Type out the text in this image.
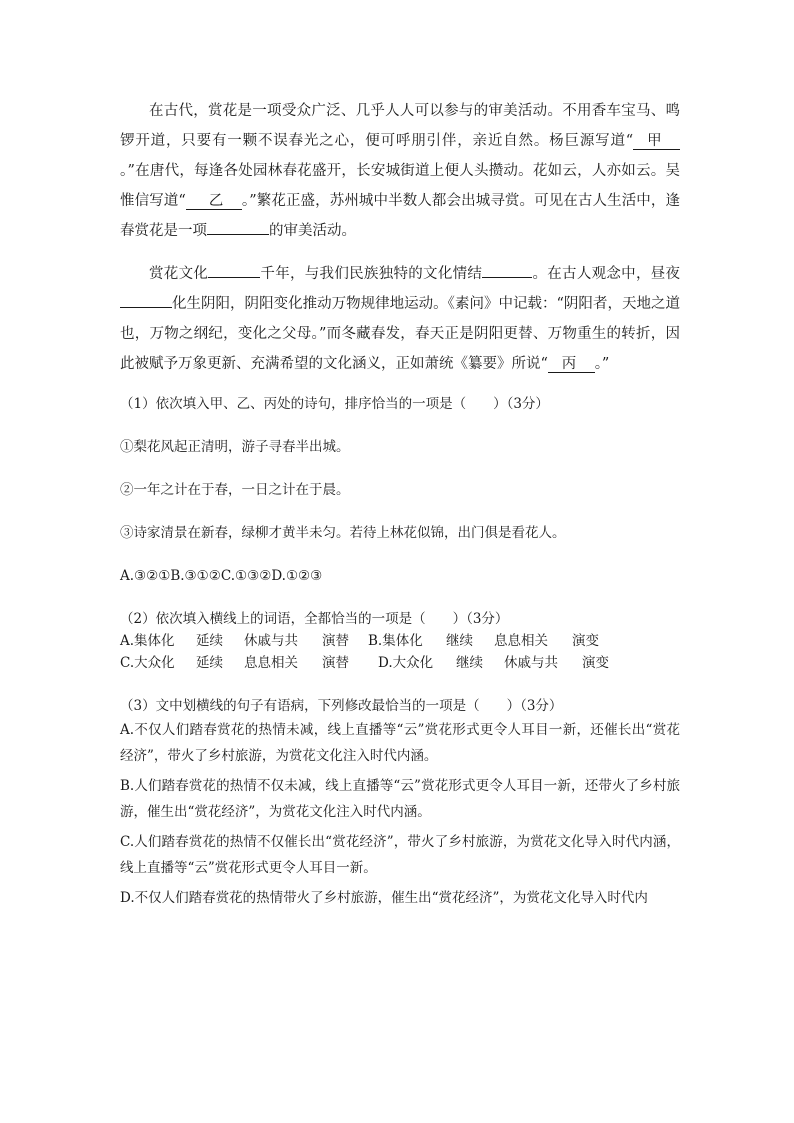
在古代，赏花是一项受众广泛、几乎人人可以参与的审美活动。不用香车宝马、鸣锣开道，只要有一颗不误春光之心，便可呼朋引伴，亲近自然。杨巨源写道“ 甲    。”在唐代，每逢各处园林春花盛开，长安城街道上便人头攒动。花如云，人亦如云。吴惟信写道“ 乙 。”繁花正盛，苏州城中半数人都会出城寻赏。可见在古人生活中，逢春赏花是一项	的审美活动。

赏花文化	千年，与我们民族独特的文化情结	。在古人观念中，昼夜化生阴阳，阴阳变化推动万物规律地运动。《素问》中记载：“阴阳者，天地之道也，万物之纲纪，变化之父母。”而冬藏春发，春天正是阴阳更替、万物重生的转折，因此被赋予万象更新、充满希望的文化涵义，正如萧统《纂要》所说“ 丙 。”

（1）依次填入甲、乙、丙处的诗句，排序恰当的一项是（　　）（3分）

①梨花风起正清明，游子寻春半出城。

②一年之计在于春，一日之计在于晨。

③诗家清景在新春，绿柳才黄半未匀。若待上林花似锦，出门俱是看花人。

A.③②①B.③①②C.①③②D.①②③

（2）依次填入横线上的词语，全都恰当的一项是（　　）（3分）

A.集体化 延续 休戚与共 演替 B.集体化 继续 息息相关 演变

C.大众化 延续 息息相关 演替 D.大众化 继续 休戚与共 演变

（3）文中划横线的句子有语病，下列修改最恰当的一项是（　　）（3分）

A.不仅人们踏春赏花的热情未减，线上直播等“云”赏花形式更令人耳目一新，还催长出“赏花经济”，带火了乡村旅游，为赏花文化注入时代内涵。

B.人们踏春赏花的热情不仅未减，线上直播等“云”赏花形式更令人耳目一新，还带火了乡村旅游，催生出“赏花经济”，为赏花文化注入时代内涵。

C.人们踏春赏花的热情不仅催长出“赏花经济”，带火了乡村旅游，为赏花文化导入时代内涵，线上直播等“云”赏花形式更令人耳目一新。

D.不仅人们踏春赏花的热情带火了乡村旅游，催生出“赏花经济”，为赏花文化导入时代内
